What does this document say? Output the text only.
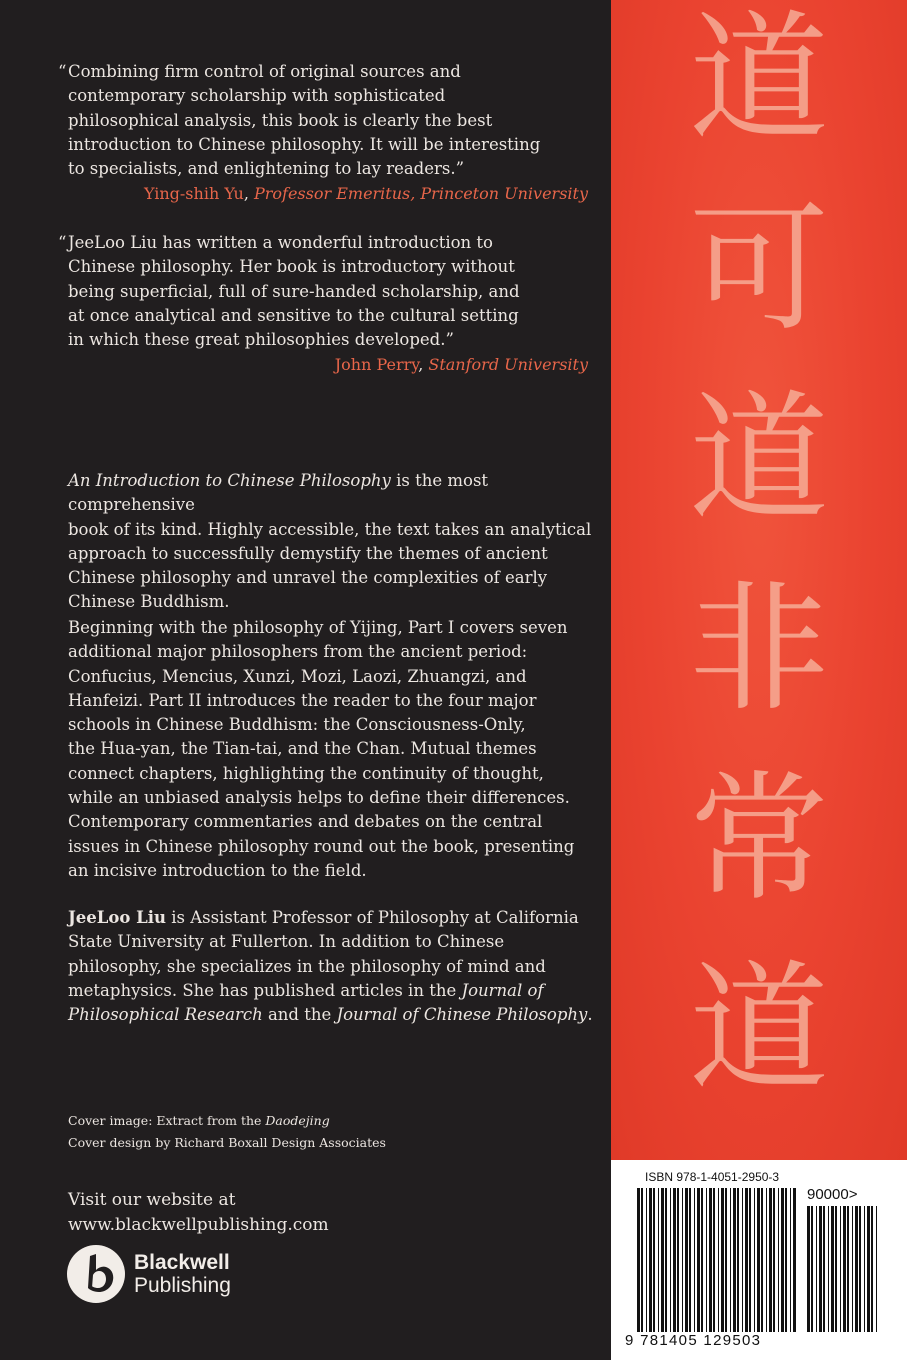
“ Combining firm control of original sources and
contemporary scholarship with sophisticated
philosophical analysis, this book is clearly the best
introduction to Chinese philosophy. It will be interesting
to specialists, and enlightening to lay readers.”
Ying-shih Yu, Professor Emeritus, Princeton University
“ JeeLoo Liu has written a wonderful introduction to
Chinese philosophy. Her book is introductory without
being superficial, full of sure-handed scholarship, and
at once analytical and sensitive to the cultural setting
in which these great philosophies developed.”
John Perry, Stanford University
An Introduction to Chinese Philosophy is the most comprehensive
book of its kind. Highly accessible, the text takes an analytical
approach to successfully demystify the themes of ancient
Chinese philosophy and unravel the complexities of early
Chinese Buddhism.
Beginning with the philosophy of Yijing, Part I covers seven
additional major philosophers from the ancient period:
Confucius, Mencius, Xunzi, Mozi, Laozi, Zhuangzi, and
Hanfeizi. Part II introduces the reader to the four major
schools in Chinese Buddhism: the Consciousness-Only,
the Hua-yan, the Tian-tai, and the Chan. Mutual themes
connect chapters, highlighting the continuity of thought,
while an unbiased analysis helps to define their differences.
Contemporary commentaries and debates on the central
issues in Chinese philosophy round out the book, presenting
an incisive introduction to the field.
JeeLoo Liu is Assistant Professor of Philosophy at California
State University at Fullerton. In addition to Chinese
philosophy, she specializes in the philosophy of mind and
metaphysics. She has published articles in the Journal of
Philosophical Research and the Journal of Chinese Philosophy.
Cover image: Extract from the Daodejing
Cover design by Richard Boxall Design Associates
Visit our website at
www.blackwellpublishing.com
Blackwell
Publishing
道
可
道
非
常
道
ISBN 978-1-4051-2950-3
90000>
9 781405 129503
